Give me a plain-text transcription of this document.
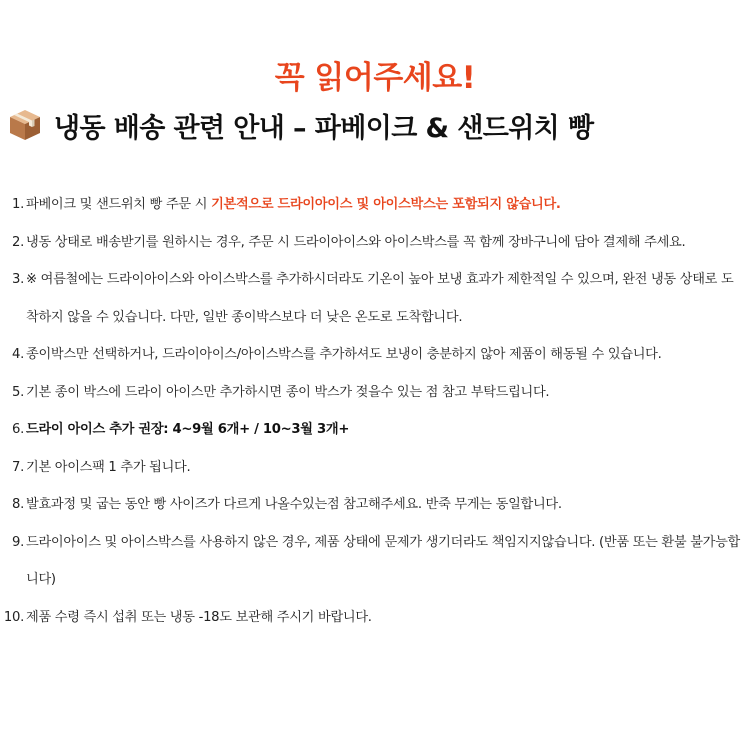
꼭 읽어주세요!
냉동 배송 관련 안내 – 파베이크 & 샌드위치 빵
1. 파베이크 및 샌드위치 빵 주문 시 기본적으로 드라이아이스 및 아이스박스는 포함되지 않습니다.
2. 냉동 상태로 배송받기를 원하시는 경우, 주문 시 드라이아이스와 아이스박스를 꼭 함께 장바구니에 담아 결제해 주세요.
3. ※ 여름철에는 드라이아이스와 아이스박스를 추가하시더라도 기온이 높아 보냉 효과가 제한적일 수 있으며, 완전 냉동 상태로 도착하지 않을 수 있습니다. 다만, 일반 종이박스보다 더 낮은 온도로 도착합니다.
4. 종이박스만 선택하거나, 드라이아이스/아이스박스를 추가하셔도 보냉이 충분하지 않아 제품이 해동될 수 있습니다.
5. 기본 종이 박스에 드라이 아이스만 추가하시면 종이 박스가 젖을수 있는 점 참고 부탁드립니다.
6. 드라이 아이스 추가 권장: 4~9월 6개+ / 10~3월 3개+
7. 기본 아이스팩 1 추가 됩니다.
8. 발효과정 및 굽는 동안 빵 사이즈가 다르게 나올수있는점 참고해주세요. 반죽 무게는 동일합니다.
9. 드라이아이스 및 아이스박스를 사용하지 않은 경우, 제품 상태에 문제가 생기더라도 책임지지않습니다. (반품 또는 환불 불가능합니다)
10. 제품 수령 즉시 섭취 또는 냉동 -18도 보관해 주시기 바랍니다.
